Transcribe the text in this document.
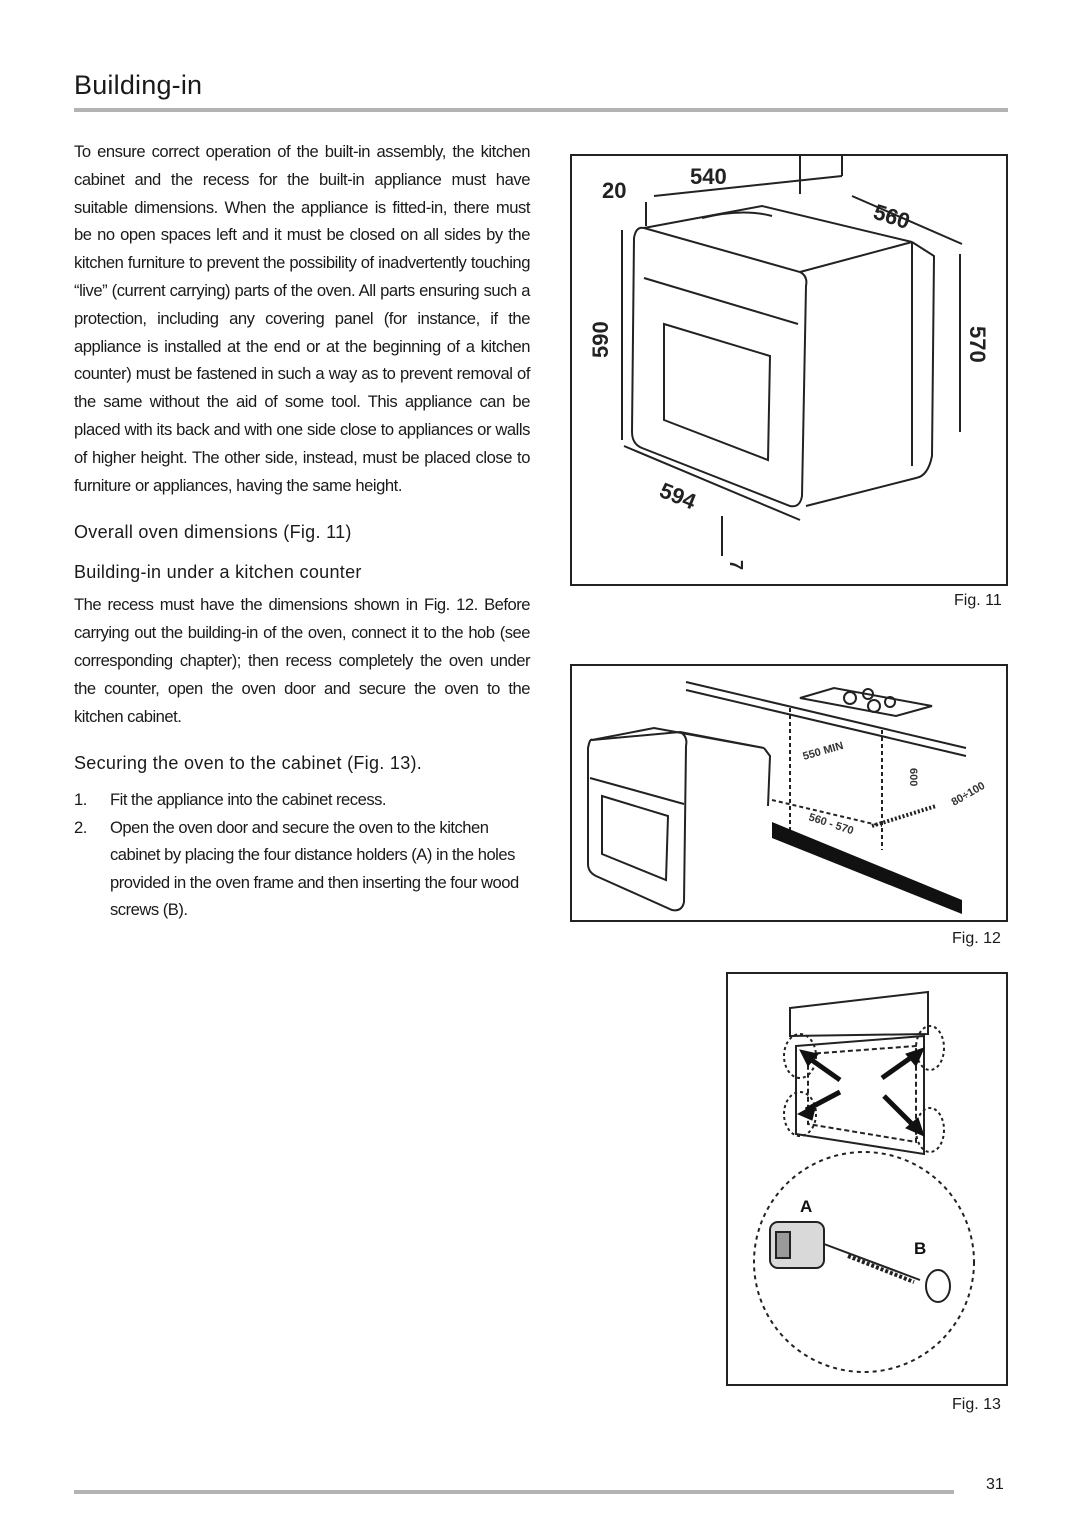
Building-in

To ensure correct operation of the built-in assembly, the kitchen cabinet and the recess for the built-in appliance must have suitable dimensions. When the appliance is fitted-in, there must be no open spaces left and it must be closed on all sides by the kitchen furniture to prevent the possibility of inadvertently touching “live” (current carrying) parts of the oven. All parts ensuring such a protection, including any covering panel (for instance, if the appliance is installed at the end or at the beginning of a kitchen counter) must be fastened in such a way as to prevent removal of the same without the aid of some tool. This appliance can be placed with its back and with one side close to appliances or walls of higher height. The other side, instead, must be placed close to furniture or appliances, having the same height.

Overall oven dimensions (Fig. 11)
Building-in under a kitchen counter

The recess must have the dimensions shown in Fig. 12. Before carrying out the building-in of the oven, connect it to the hob (see corresponding chapter); then recess completely the oven under the counter, open the oven door and secure the oven to the kitchen cabinet.

Securing the oven to the cabinet (Fig. 13).
1. Fit the appliance into the cabinet recess.
2. Open the oven door and secure the oven to the kitchen cabinet by placing the four distance holders (A) in the holes provided in the oven frame and then inserting the four wood screws (B).
20
540
560
590	570
594
7
Fig. 11
550 MIN
600
80÷100
560 - 570
Fig. 12
A
B
Fig. 13
31
